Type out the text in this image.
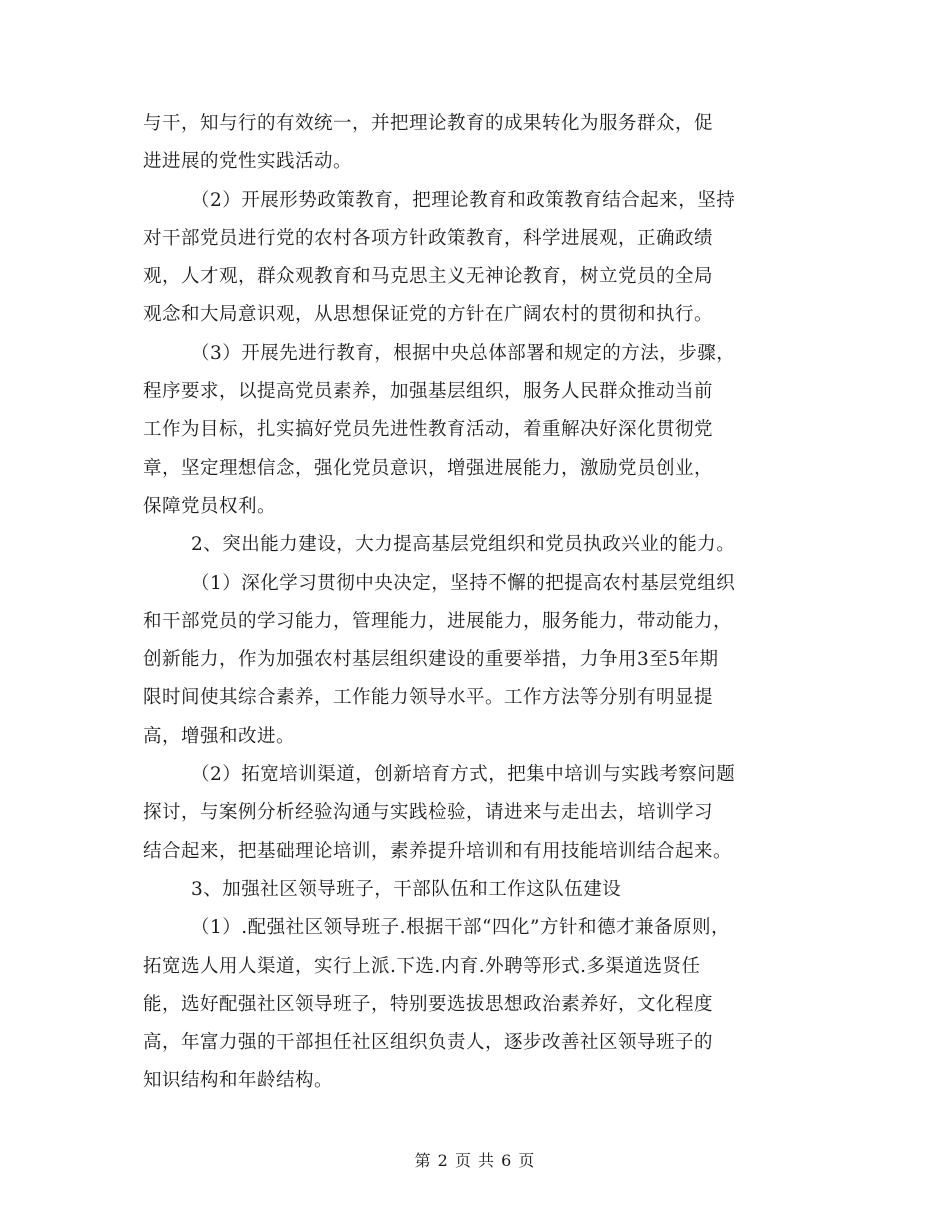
与干，知与行的有效统一，并把理论教育的成果转化为服务群众，促
进进展的党性实践活动。
（2）开展形势政策教育，把理论教育和政策教育结合起来，坚持
对干部党员进行党的农村各项方针政策教育，科学进展观，正确政绩
观，人才观，群众观教育和马克思主义无神论教育，树立党员的全局
观念和大局意识观，从思想保证党的方针在广阔农村的贯彻和执行。
（3）开展先进行教育，根据中央总体部署和规定的方法，步骤，
程序要求，以提高党员素养，加强基层组织，服务人民群众推动当前
工作为目标，扎实搞好党员先进性教育活动，着重解决好深化贯彻党
章，坚定理想信念，强化党员意识，增强进展能力，激励党员创业，
保障党员权利。
2、突出能力建设，大力提高基层党组织和党员执政兴业的能力。
（1）深化学习贯彻中央决定，坚持不懈的把提高农村基层党组织
和干部党员的学习能力，管理能力，进展能力，服务能力，带动能力，
创新能力，作为加强农村基层组织建设的重要举措，力争用3至5年期
限时间使其综合素养，工作能力领导水平。工作方法等分别有明显提
高，增强和改进。
（2）拓宽培训渠道，创新培育方式，把集中培训与实践考察问题
探讨，与案例分析经验沟通与实践检验，请进来与走出去，培训学习
结合起来，把基础理论培训，素养提升培训和有用技能培训结合起来。
3、加强社区领导班子，干部队伍和工作这队伍建设
（1）.配强社区领导班子.根据干部“四化”方针和德才兼备原则，
拓宽选人用人渠道，实行上派.下选.内育.外聘等形式.多渠道选贤任
能，选好配强社区领导班子，特别要选拔思想政治素养好，文化程度
高，年富力强的干部担任社区组织负责人，逐步改善社区领导班子的
知识结构和年龄结构。
第 2 页 共 6 页
